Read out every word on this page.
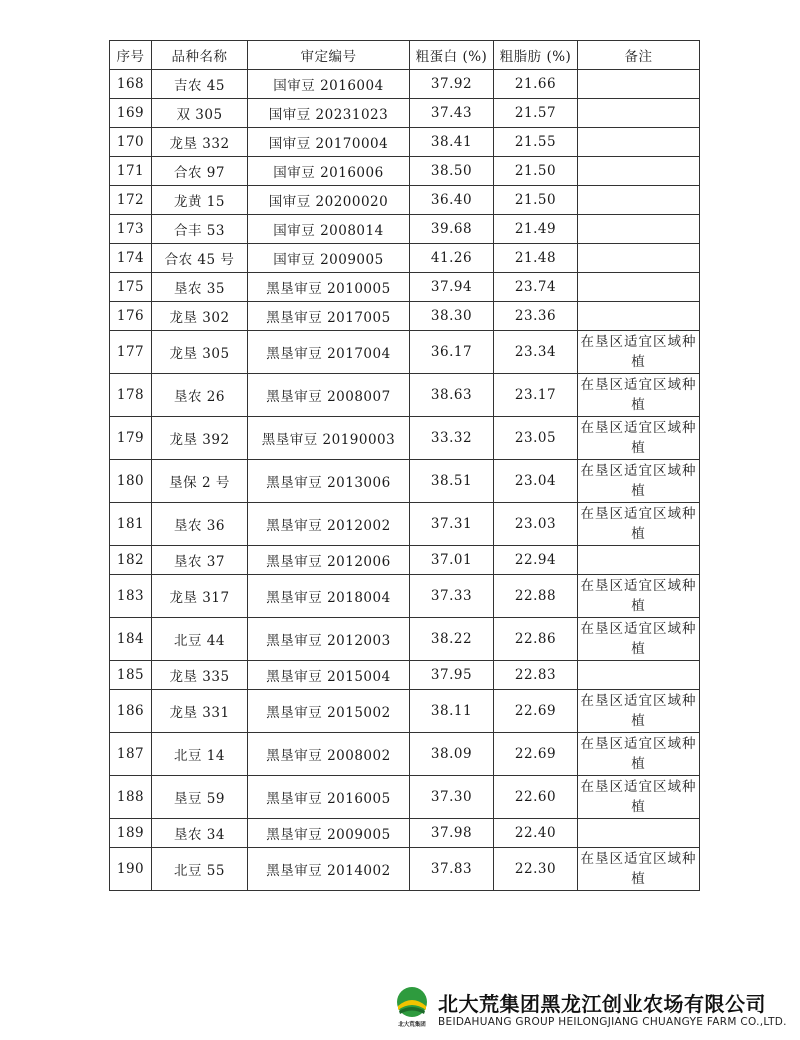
序号	品种名称	审定编号	粗蛋白 (%)	粗脂肪 (%)	备注
168	吉农 45	国审豆 2016004	37.92	21.66	
169	双 305	国审豆 20231023	37.43	21.57	
170	龙垦 332	国审豆 20170004	38.41	21.55	
171	合农 97	国审豆 2016006	38.50	21.50	
172	龙黄 15	国审豆 20200020	36.40	21.50	
173	合丰 53	国审豆 2008014	39.68	21.49	
174	合农 45 号	国审豆 2009005	41.26	21.48	
175	垦农 35	黑垦审豆 2010005	37.94	23.74	
176	龙垦 302	黑垦审豆 2017005	38.30	23.36	
177	龙垦 305	黑垦审豆 2017004	36.17	23.34	在垦区适宜区域种植
178	垦农 26	黑垦审豆 2008007	38.63	23.17	在垦区适宜区域种植
179	龙垦 392	黑垦审豆 20190003	33.32	23.05	在垦区适宜区域种植
180	垦保 2 号	黑垦审豆 2013006	38.51	23.04	在垦区适宜区域种植
181	垦农 36	黑垦审豆 2012002	37.31	23.03	在垦区适宜区域种植
182	垦农 37	黑垦审豆 2012006	37.01	22.94	
183	龙垦 317	黑垦审豆 2018004	37.33	22.88	在垦区适宜区域种植
184	北豆 44	黑垦审豆 2012003	38.22	22.86	在垦区适宜区域种植
185	龙垦 335	黑垦审豆 2015004	37.95	22.83	
186	龙垦 331	黑垦审豆 2015002	38.11	22.69	在垦区适宜区域种植
187	北豆 14	黑垦审豆 2008002	38.09	22.69	在垦区适宜区域种植
188	垦豆 59	黑垦审豆 2016005	37.30	22.60	在垦区适宜区域种植
189	垦农 34	黑垦审豆 2009005	37.98	22.40	
190	北豆 55	黑垦审豆 2014002	37.83	22.30	在垦区适宜区域种植
北大荒集团
北大荒集团黑龙江创业农场有限公司
BEIDAHUANG GROUP HEILONGJIANG CHUANGYE FARM CO.,LTD.
